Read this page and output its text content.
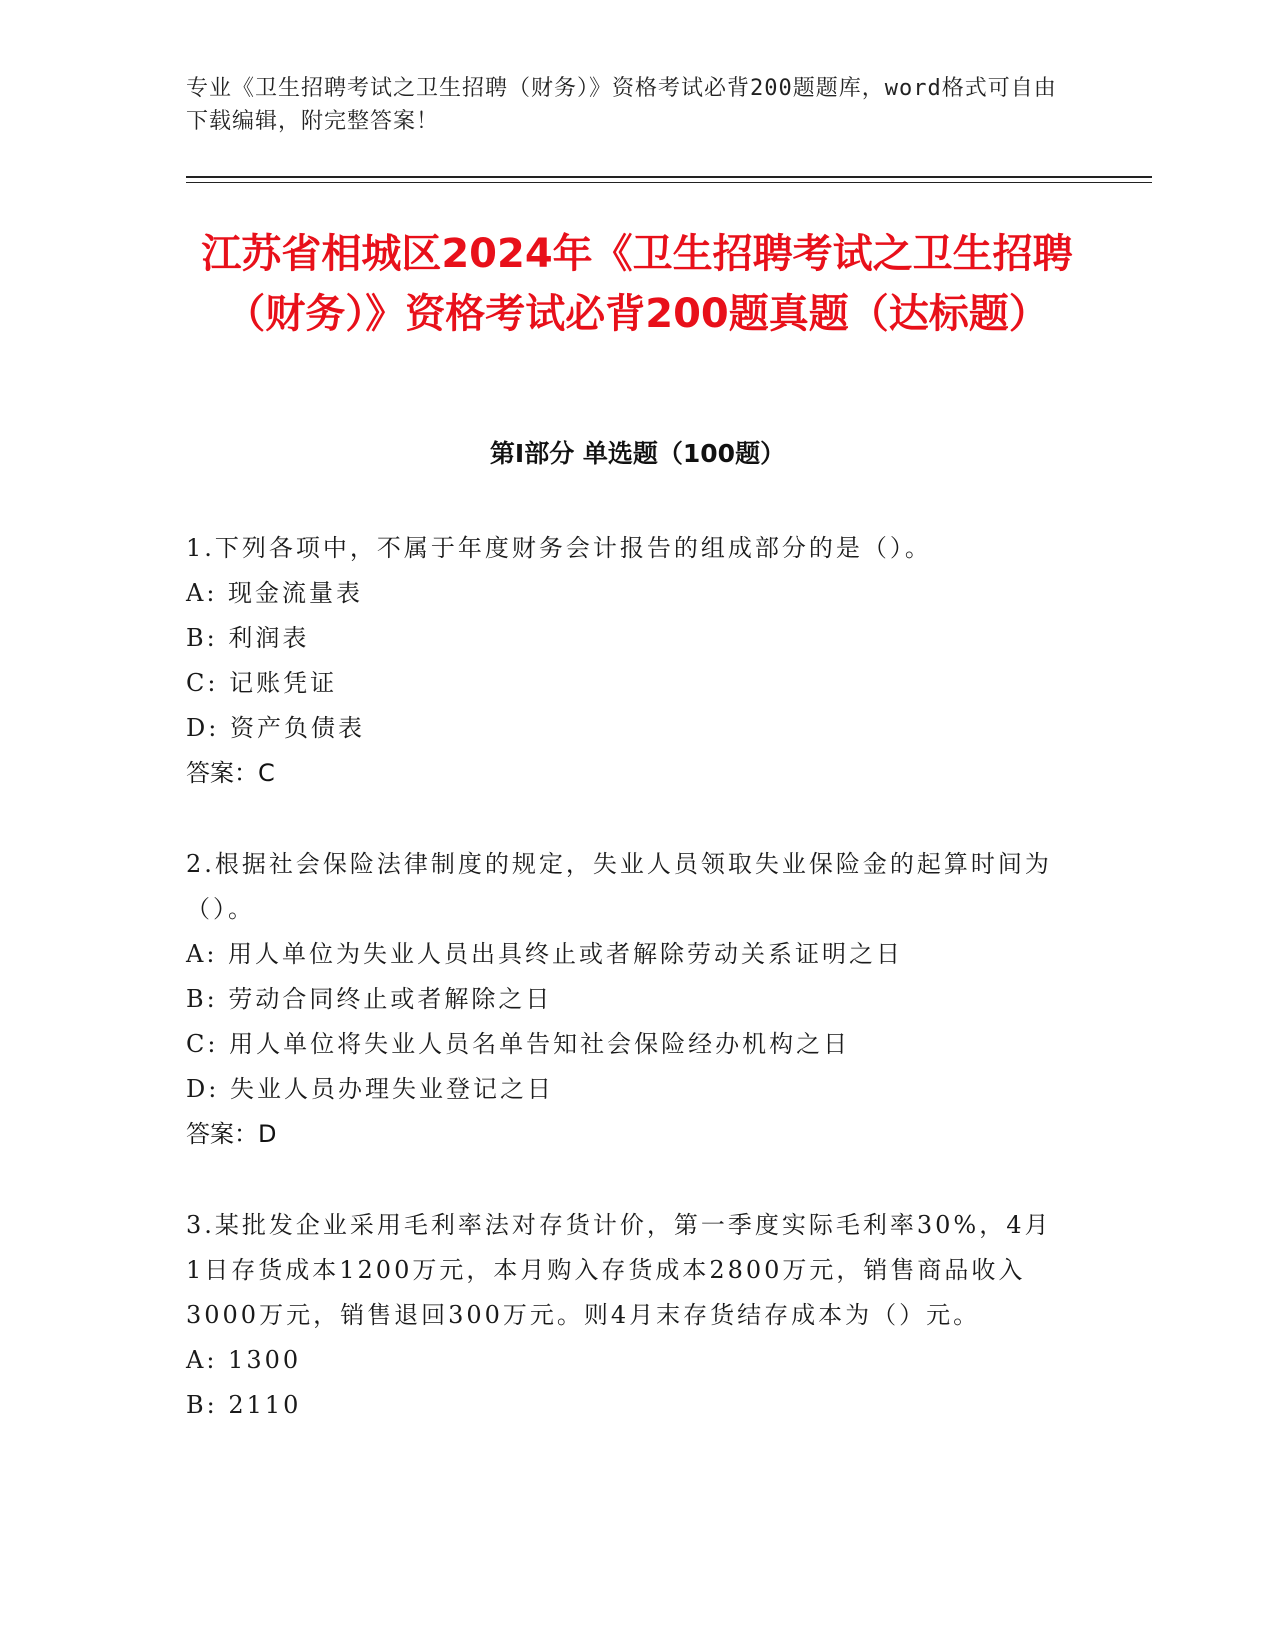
专业《卫生招聘考试之卫生招聘（财务）》资格考试必背200题题库，word格式可自由下载编辑，附完整答案！
江苏省相城区2024年《卫生招聘考试之卫生招聘（财务）》资格考试必背200题真题（达标题）
第I部分 单选题（100题）

1.下列各项中，不属于年度财务会计报告的组成部分的是（）。

A: 现金流量表

B: 利润表

C: 记账凭证

D: 资产负债表

答案：C

2.根据社会保险法律制度的规定，失业人员领取失业保险金的起算时间为（）。

A: 用人单位为失业人员出具终止或者解除劳动关系证明之日

B: 劳动合同终止或者解除之日

C: 用人单位将失业人员名单告知社会保险经办机构之日

D: 失业人员办理失业登记之日

答案：D

3.某批发企业采用毛利率法对存货计价，第一季度实际毛利率30%，4月1日存货成本1200万元，本月购入存货成本2800万元，销售商品收入3000万元，销售退回300万元。则4月末存货结存成本为（）元。

A: 1300

B: 2110
